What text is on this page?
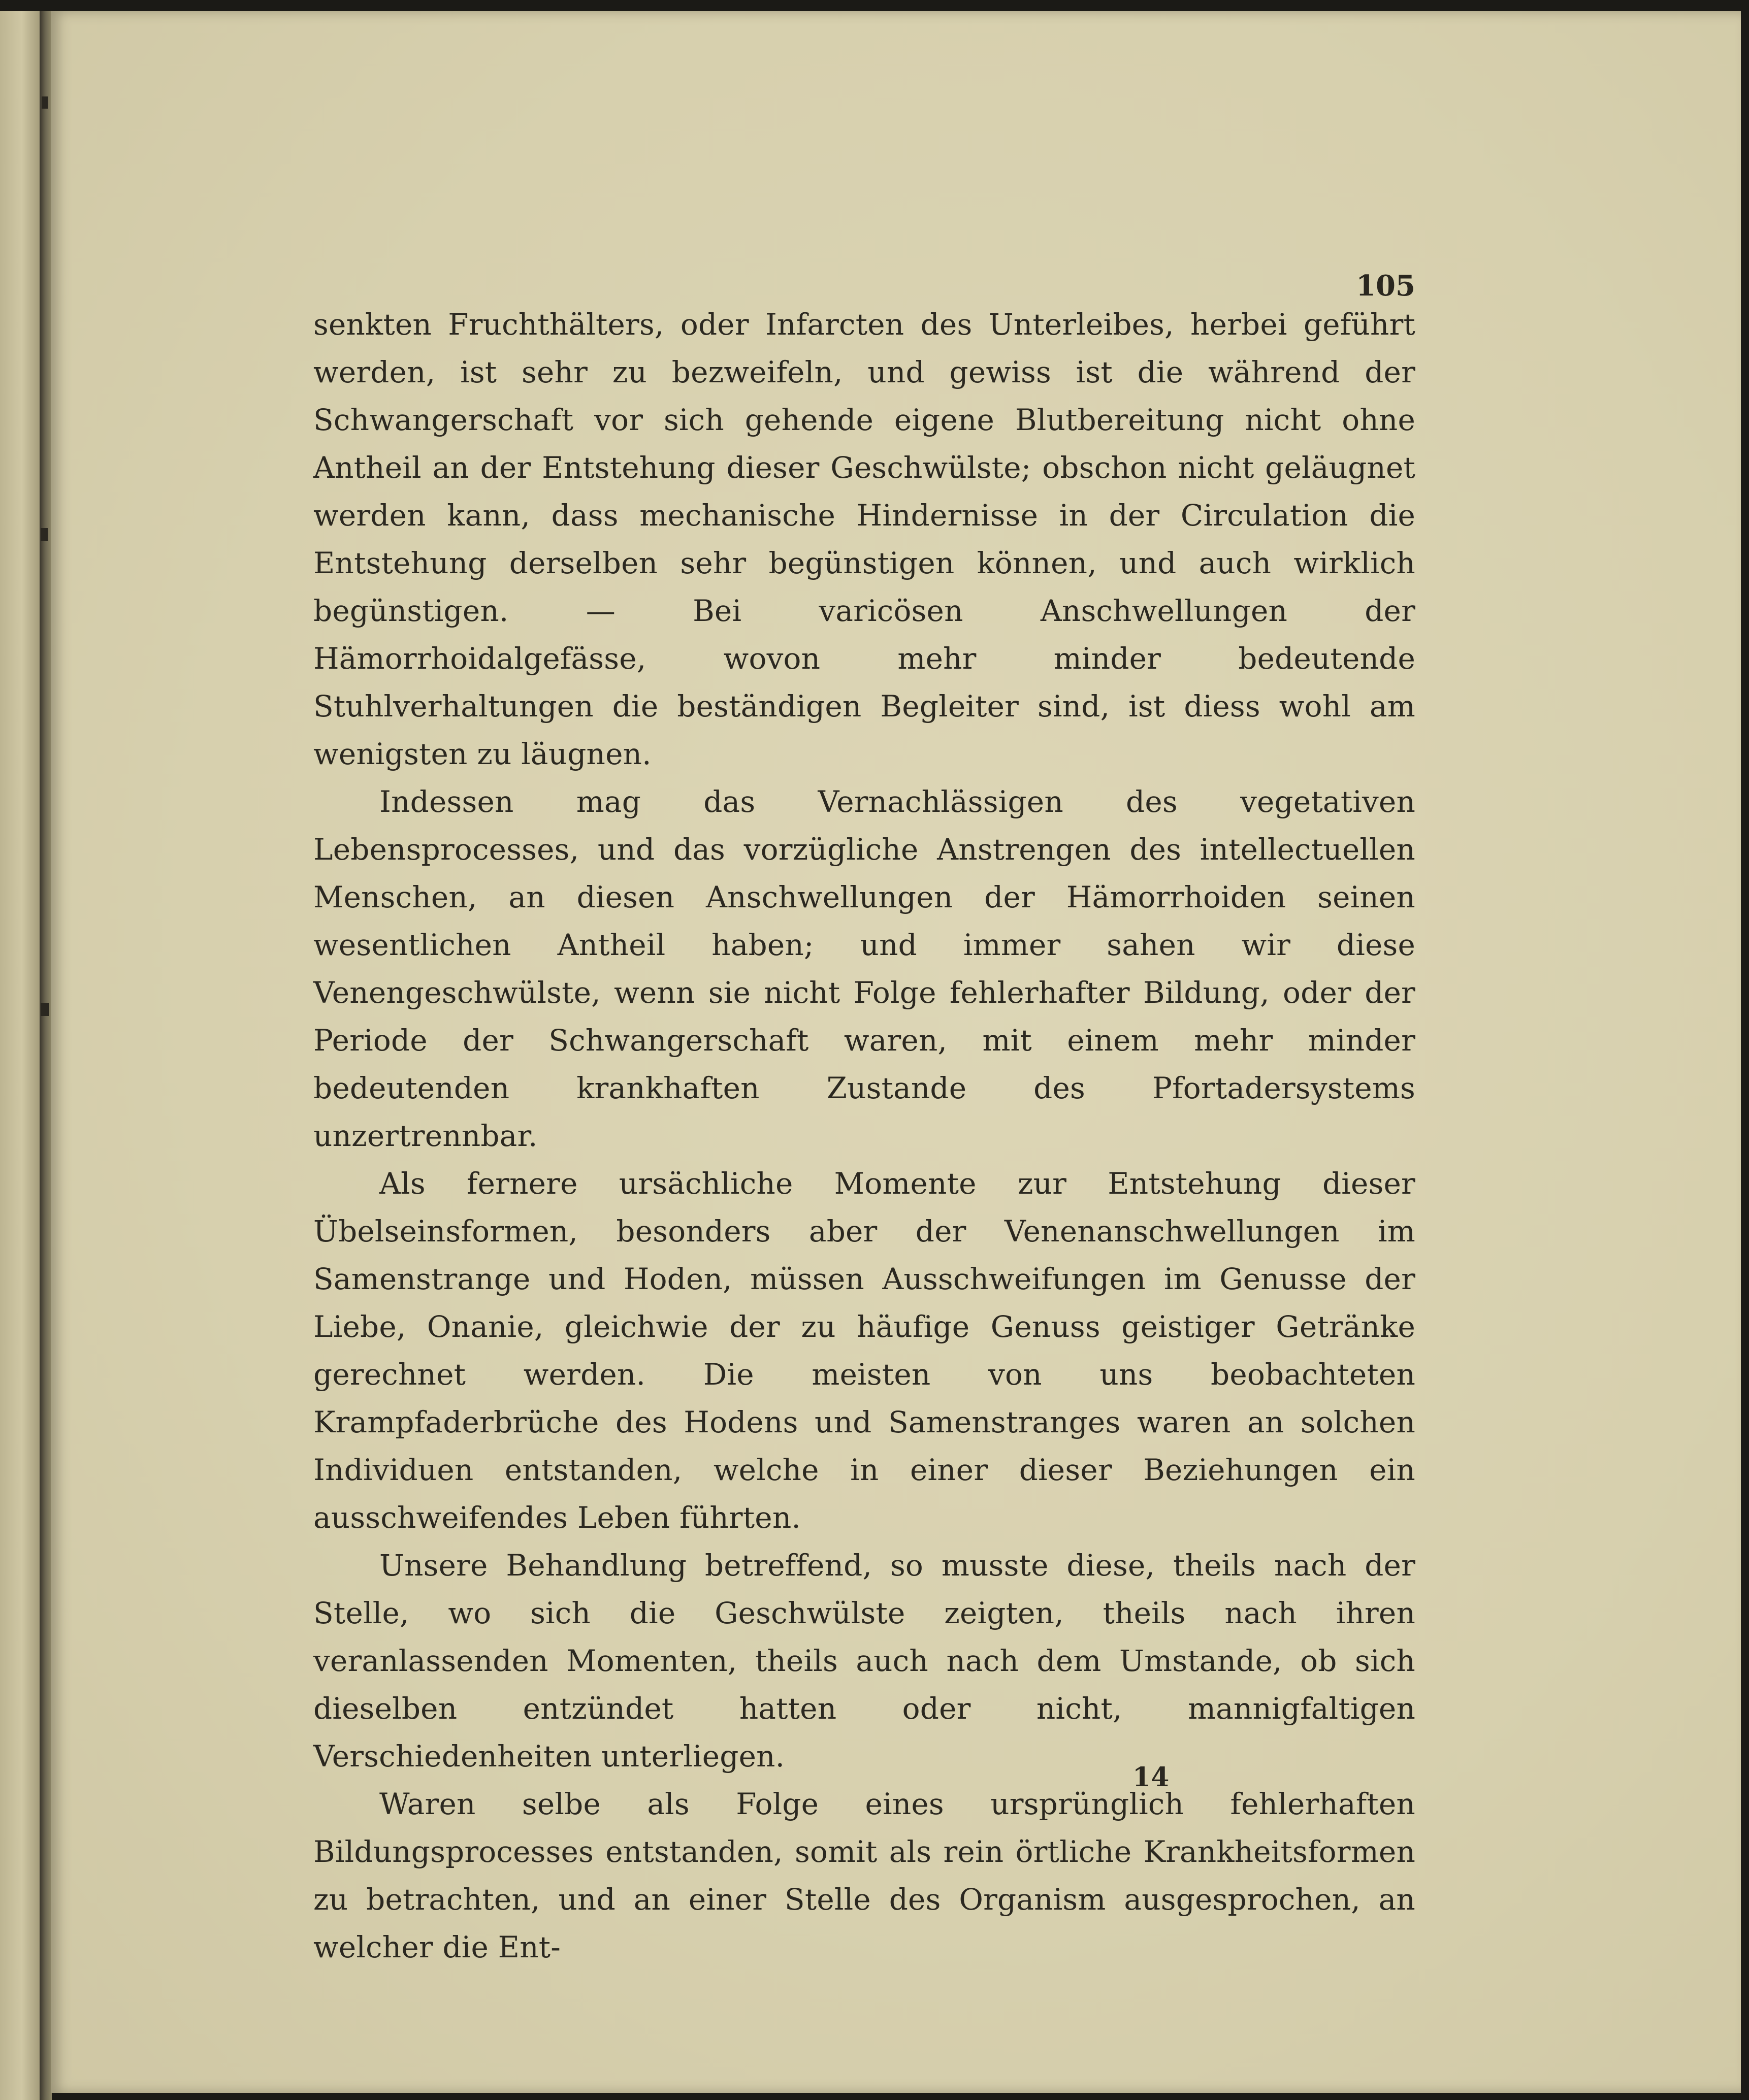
105

senkten Fruchthälters, oder Infarcten des Unterleibes, herbei geführt werden, ist sehr zu bezweifeln, und gewiss ist die während der Schwangerschaft vor sich gehende eigene Blutbereitung nicht ohne Antheil an der Entstehung dieser Geschwülste; obschon nicht geläugnet werden kann, dass mechanische Hindernisse in der Circulation die Entstehung derselben sehr begünstigen können, und auch wirklich begünstigen. — Bei varicösen Anschwellungen der Hämorrhoidalgefässe, wovon mehr minder bedeutende Stuhlverhaltungen die beständigen Begleiter sind, ist diess wohl am wenigsten zu läugnen.

Indessen mag das Vernachlässigen des vegetativen Lebensprocesses, und das vorzügliche Anstrengen des intellectuellen Menschen, an diesen Anschwellungen der Hämorrhoiden seinen wesentlichen Antheil haben; und immer sahen wir diese Venengeschwülste, wenn sie nicht Folge fehlerhafter Bildung, oder der Periode der Schwangerschaft waren, mit einem mehr minder bedeutenden krankhaften Zustande des Pfortadersystems unzertrennbar.

Als fernere ursächliche Momente zur Entstehung dieser Übelseinsformen, besonders aber der Venenanschwellungen im Samenstrange und Hoden, müssen Ausschweifungen im Genusse der Liebe, Onanie, gleichwie der zu häufige Genuss geistiger Getränke gerechnet werden. Die meisten von uns beobachteten Krampfaderbrüche des Hodens und Samenstranges waren an solchen Individuen entstanden, welche in einer dieser Beziehungen ein ausschweifendes Leben führten.

Unsere Behandlung betreffend, so musste diese, theils nach der Stelle, wo sich die Geschwülste zeigten, theils nach ihren veranlassenden Momenten, theils auch nach dem Umstande, ob sich dieselben entzündet hatten oder nicht, mannigfaltigen Verschiedenheiten unterliegen.

Waren selbe als Folge eines ursprünglich fehlerhaften Bildungsprocesses entstanden, somit als rein örtliche Krankheitsformen zu betrachten, und an einer Stelle des Organism ausgesprochen, an welcher die Ent-

14
